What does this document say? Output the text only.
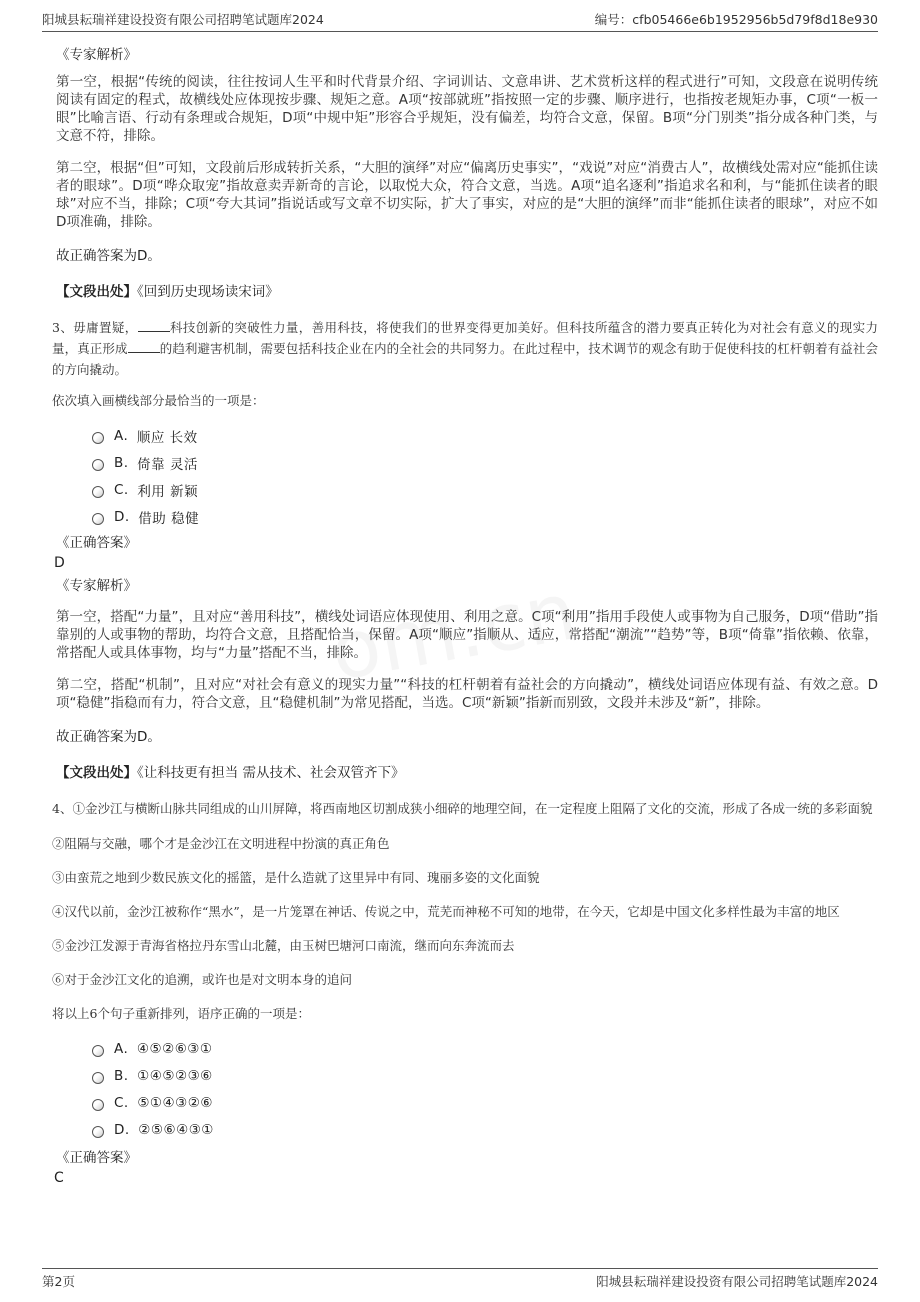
阳城县耘瑞祥建设投资有限公司招聘笔试题库2024	编号：cfb05466e6b1952956b5d79f8d18e930
《专家解析》
第一空，根据“传统的阅读，往往按词人生平和时代背景介绍、字词训诂、文意串讲、艺术赏析这样的程式进行”可知，文段意在说明传统阅读有固定的程式，故横线处应体现按步骤、规矩之意。A项“按部就班”指按照一定的步骤、顺序进行，也指按老规矩办事，C项“一板一眼”比喻言语、行动有条理或合规矩，D项“中规中矩”形容合乎规矩，没有偏差，均符合文意，保留。B项“分门别类”指分成各种门类，与文意不符，排除。
第二空，根据“但”可知，文段前后形成转折关系，“大胆的演绎”对应“偏离历史事实”，“戏说”对应“消费古人”，故横线处需对应“能抓住读者的眼球”。D项“哗众取宠”指故意卖弄新奇的言论，以取悦大众，符合文意，当选。A项“追名逐利”指追求名和利，与“能抓住读者的眼球”对应不当，排除；C项“夸大其词”指说话或写文章不切实际，扩大了事实，对应的是“大胆的演绎”而非“能抓住读者的眼球”，对应不如D项准确，排除。
故正确答案为D。
【文段出处】《回到历史现场读宋词》
3、毋庸置疑，	科技创新的突破性力量，善用科技，将使我们的世界变得更加美好。但科技所蕴含的潜力要真正转化为对社会有意义的现实力量，真正形成	的趋利避害机制，需要包括科技企业在内的全社会的共同努力。在此过程中，技术调节的观念有助于促使科技的杠杆朝着有益社会的方向撬动。
依次填入画横线部分最恰当的一项是：
A.
顺应 长效
B.
倚靠 灵活
C.
利用 新颖
D.
借助 稳健
《正确答案》
D
《专家解析》
第一空，搭配“力量”，且对应“善用科技”，横线处词语应体现使用、利用之意。C项“利用”指用手段使人或事物为自己服务，D项“借助”指靠别的人或事物的帮助，均符合文意，且搭配恰当，保留。A项“顺应”指顺从、适应，常搭配“潮流”“趋势”等，B项“倚靠”指依赖、依靠，常搭配人或具体事物，均与“力量”搭配不当，排除。
第二空，搭配“机制”，且对应“对社会有意义的现实力量”“科技的杠杆朝着有益社会的方向撬动”，横线处词语应体现有益、有效之意。D项“稳健”指稳而有力，符合文意，且“稳健机制”为常见搭配，当选。C项“新颖”指新而别致，文段并未涉及“新”，排除。
故正确答案为D。
【文段出处】《让科技更有担当 需从技术、社会双管齐下》
4、①金沙江与横断山脉共同组成的山川屏障，将西南地区切割成狭小细碎的地理空间，在一定程度上阻隔了文化的交流，形成了各成一统的多彩面貌
②阻隔与交融，哪个才是金沙江在文明进程中扮演的真正角色
③由蛮荒之地到少数民族文化的摇篮，是什么造就了这里异中有同、瑰丽多姿的文化面貌
④汉代以前，金沙江被称作“黑水”，是一片笼罩在神话、传说之中，荒芜而神秘不可知的地带，在今天，它却是中国文化多样性最为丰富的地区
⑤金沙江发源于青海省格拉丹东雪山北麓，由玉树巴塘河口南流，继而向东奔流而去
⑥对于金沙江文化的追溯，或许也是对文明本身的追问
将以上6个句子重新排列，语序正确的一项是：
A.
④⑤②⑥③①
B.
①④⑤②③⑥
C.
⑤①④③②⑥
D.
②⑤⑥④③①
《正确答案》
C
第2页	阳城县耘瑞祥建设投资有限公司招聘笔试题库2024
